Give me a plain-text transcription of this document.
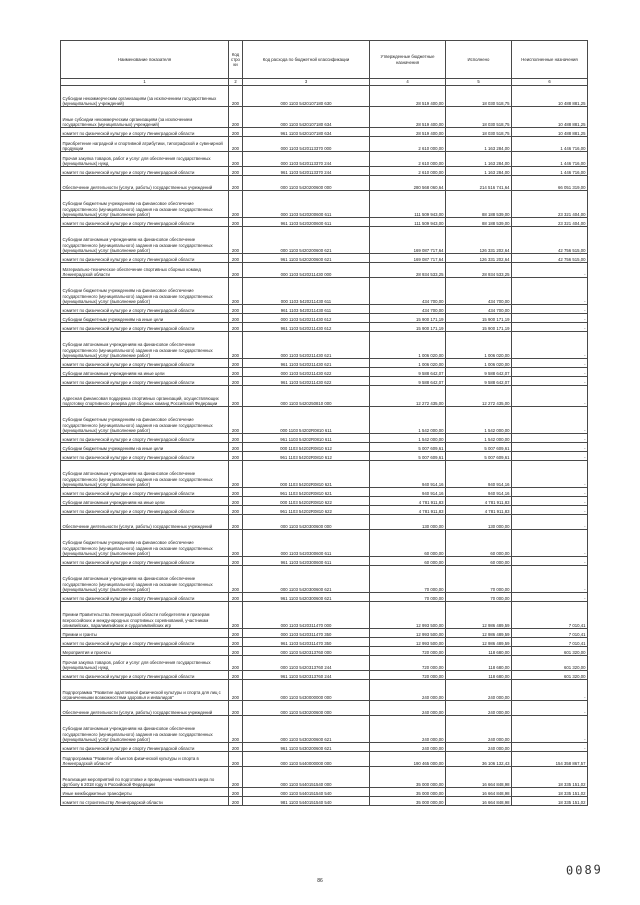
Наименование показателя	Код стро ки	Код расхода по бюджетной классификации	Утвержденные бюджетные назначения	Исполнено	Неисполненные назначения
1	2	3	4	5	6
Субсидии некоммерческим организациям (за исключением государственных (муниципальных) учреждений)	200	000 1103 5420107180 630	28 519 400,00	18 030 518,75	10 488 881,25
Иные субсидии некоммерческим организациям (за исключением государственных (муниципальных) учреждений)	200	000 1103 5420107180 634	28 519 400,00	18 030 518,75	10 488 881,25
комитет по физической культуре и спорту Ленинградской области	200	961 1103 5420107180 634	28 519 400,00	18 030 518,75	10 488 881,25
Приобретение наградной и спортивной атрибутики, типографской и сувенирной продукции	200	000 1103 5420113370 000	2 610 000,00	1 163 284,00	1 446 716,00
Прочая закупка товаров, работ и услуг для обеспечения государственных (муниципальных) нужд	200	000 1103 5420113370 244	2 610 000,00	1 163 284,00	1 446 716,00
комитет по физической культуре и спорту Ленинградской области	200	961 1103 5420113370 244	2 610 000,00	1 163 284,00	1 446 716,00
Обеспечение деятельности (услуги, работы) государственных учреждений	200	000 1103 5420200600 000	280 568 060,64	214 516 741,64	66 051 319,00
Субсидии бюджетным учреждениям на финансовое обеспечение государственного (муниципального) задания на оказание государственных (муниципальных) услуг (выполнение работ)	200	000 1103 5420200600 611	111 509 943,00	88 188 539,00	23 321 404,00
комитет по физической культуре и спорту Ленинградской области	200	961 1103 5420200600 611	111 509 943,00	88 188 539,00	23 321 404,00
Субсидии автономным учреждениям на финансовое обеспечение государственного (муниципального) задания на оказание государственных (муниципальных) услуг (выполнение работ)	200	000 1103 5420200600 621	169 087 717,64	126 331 202,64	42 756 515,00
комитет по физической культуре и спорту Ленинградской области	200	961 1103 5420200600 621	169 087 717,64	126 331 202,64	42 756 515,00
Материально-техническое обеспечение спортивных сборных команд Ленинградской области	200	000 1103 5420211430 000	28 934 533,25	28 934 533,25	-
Субсидии бюджетным учреждениям на финансовое обеспечение государственного (муниципального) задания на оказание государственных (муниципальных) услуг (выполнение работ)	200	000 1103 5420211430 611	434 700,00	434 700,00	-
комитет по физической культуре и спорту Ленинградской области	200	961 1103 5420211430 611	434 700,00	434 700,00	-
Субсидии бюджетным учреждениям на иные цели	200	000 1103 5420211430 612	15 900 171,19	15 900 171,19	-
комитет по физической культуре и спорту Ленинградской области	200	961 1103 5420211430 612	15 900 171,19	15 900 171,19	-
Субсидии автономным учреждениям на финансовое обеспечение государственного (муниципального) задания на оказание государственных (муниципальных) услуг (выполнение работ)	200	000 1103 5420211430 621	1 006 020,00	1 006 020,00	-
комитет по физической культуре и спорту Ленинградской области	200	961 1103 5420211430 621	1 006 020,00	1 006 020,00	-
Субсидии автономным учреждениям на иные цели	200	000 1103 5420211430 622	9 588 642,07	9 588 642,07	-
комитет по физической культуре и спорту Ленинградской области	200	961 1103 5420211430 622	9 588 642,07	9 588 642,07	-
Адресная финансовая поддержка спортивных организаций, осуществляющих подготовку спортивного резерва для сборных команд Российской Федерации	200	000 1103 5420250810 000	12 272 435,00	12 272 435,00	-
Субсидии бюджетным учреждениям на финансовое обеспечение государственного (муниципального) задания на оказание государственных (муниципальных) услуг (выполнение работ)	200	000 1103 54202R0810 611	1 542 000,00	1 542 000,00	-
комитет по физической культуре и спорту Ленинградской области	200	961 1103 54202R0810 611	1 542 000,00	1 542 000,00	-
Субсидии бюджетным учреждениям на иные цели	200	000 1103 54202R0810 612	5 007 609,61	5 007 609,61	-
комитет по физической культуре и спорту Ленинградской области	200	961 1103 54202R0810 612	5 007 609,61	5 007 609,61	-
Субсидии автономным учреждениям на финансовое обеспечение государственного (муниципального) задания на оказание государственных (муниципальных) услуг (выполнение работ)	200	000 1103 54202R0810 621	940 914,16	940 914,16	-
комитет по физической культуре и спорту Ленинградской области	200	961 1103 54202R0810 621	940 914,16	940 914,16	-
Субсидии автономным учреждениям на иные цели	200	000 1103 54202R0810 622	4 781 911,83	4 781 911,83	-
комитет по физической культуре и спорту Ленинградской области	200	961 1103 54202R0810 622	4 781 911,83	4 781 911,83	-
Обеспечение деятельности (услуги, работы) государственных учреждений	200	000 1103 5420300600 000	130 000,00	130 000,00	-
Субсидии бюджетным учреждениям на финансовое обеспечение государственного (муниципального) задания на оказание государственных (муниципальных) услуг (выполнение работ)	200	000 1103 5420300600 611	60 000,00	60 000,00	-
комитет по физической культуре и спорту Ленинградской области	200	961 1103 5420300600 611	60 000,00	60 000,00	-
Субсидии автономным учреждениям на финансовое обеспечение государственного (муниципального) задания на оказание государственных (муниципальных) услуг (выполнение работ)	200	000 1103 5420300600 621	70 000,00	70 000,00	-
комитет по физической культуре и спорту Ленинградской области	200	961 1103 5420300600 621	70 000,00	70 000,00	-
Премии Правительства Ленинградской области победителям и призерам всероссийских и международных спортивных соревнований, участникам олимпийских, паралимпийских и сурдолимпийских игр	200	000 1103 5420311470 000	12 993 500,00	12 986 489,59	7 010,41
Премии и гранты	200	000 1103 5420311470 350	12 993 500,00	12 986 489,59	7 010,41
комитет по физической культуре и спорту Ленинградской области	200	961 1103 5420311470 350	12 993 500,00	12 986 489,59	7 010,41
Мероприятия и проекты	200	000 1103 5420313760 000	720 000,00	118 680,00	601 320,00
Прочая закупка товаров, работ и услуг для обеспечения государственных (муниципальных) нужд	200	000 1103 5420313760 244	720 000,00	118 680,00	601 320,00
комитет по физической культуре и спорту Ленинградской области	200	961 1103 5420313760 244	720 000,00	118 680,00	601 320,00
Подпрограмма "Развитие адаптивной физической культуры и спорта для лиц с ограниченными возможностями здоровья и инвалидов"	200	000 1103 5430000000 000	240 000,00	240 000,00	-
Обеспечение деятельности (услуги, работы) государственных учреждений	200	000 1103 5430200600 000	240 000,00	240 000,00	-
Субсидии автономным учреждениям на финансовое обеспечение государственного (муниципального) задания на оказание государственных (муниципальных) услуг (выполнение работ)	200	000 1103 5430200600 621	240 000,00	240 000,00	-
комитет по физической культуре и спорту Ленинградской области	200	961 1103 5430200600 621	240 000,00	240 000,00	-
Подпрограмма "Развитие объектов физической культуры и спорта в Ленинградской области"	200	000 1103 5440000000 000	190 465 000,00	36 106 132,43	154 358 867,57
Реализация мероприятий по подготовке и проведению чемпионата мира по футболу в 2018 году в Российской Федерации	200	000 1103 5440151540 000	35 000 000,00	16 664 848,98	18 335 151,02
Иные межбюджетные трансферты	200	000 1103 5440151540 540	35 000 000,00	16 664 848,98	18 335 151,02
комитет по строительству Ленинградской области	200	981 1103 5440151540 540	35 000 000,00	16 664 848,98	18 335 151,02
86
0089
